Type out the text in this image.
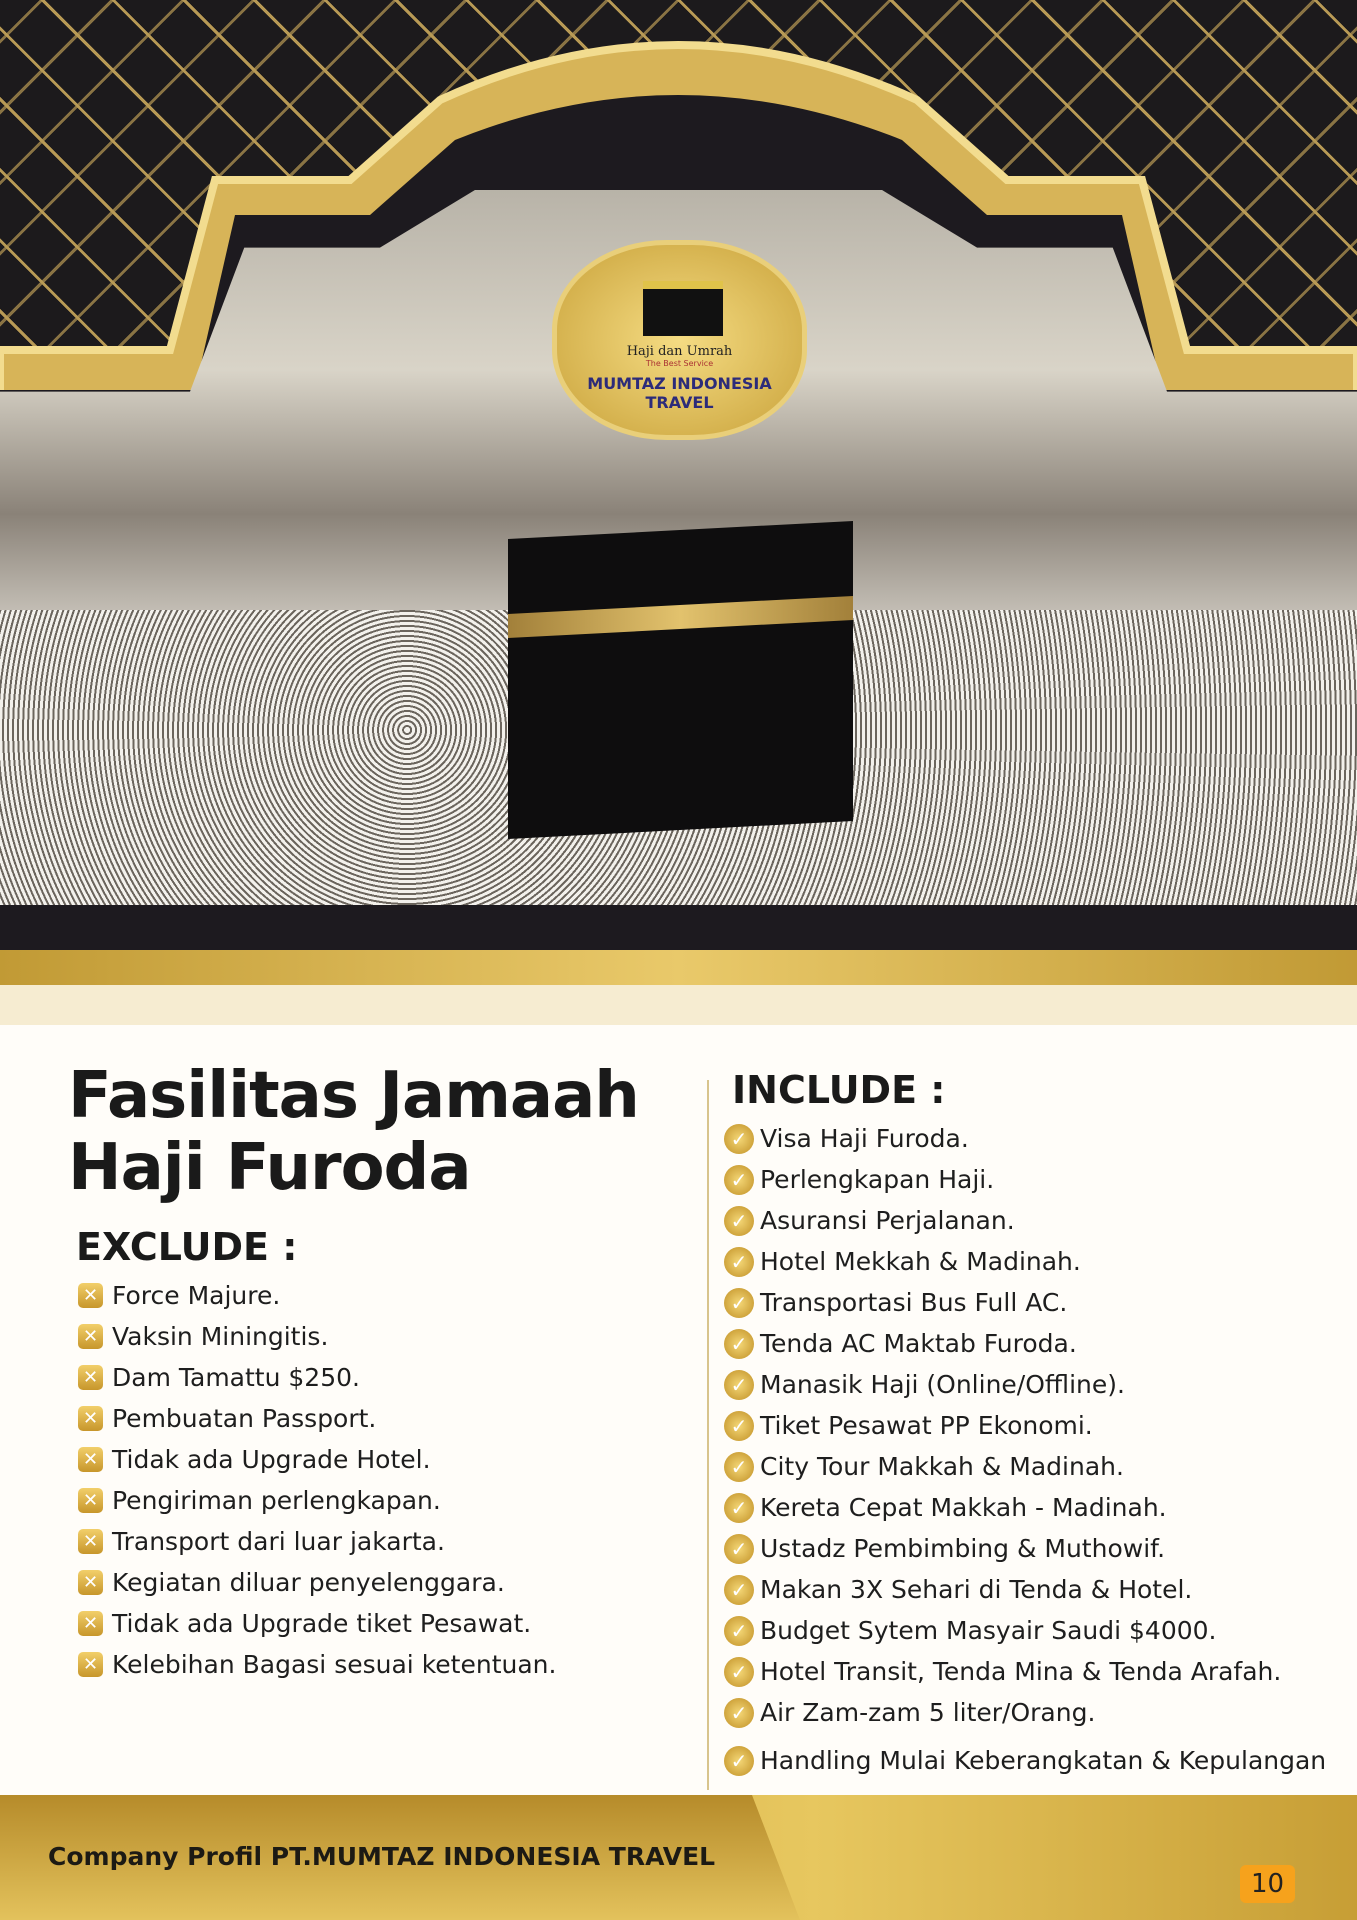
Haji dan Umrah
The Best Service
MUMTAZ INDONESIA TRAVEL
Fasilitas Jamaah
Haji Furoda
EXCLUDE :
✕ Force Majure.
✕ Vaksin Miningitis.
✕ Dam Tamattu $250.
✕ Pembuatan Passport.
✕ Tidak ada Upgrade Hotel.
✕ Pengiriman perlengkapan.
✕ Transport dari luar jakarta.
✕ Kegiatan diluar penyelenggara.
✕ Tidak ada Upgrade tiket Pesawat.
✕ Kelebihan Bagasi sesuai ketentuan.
INCLUDE :
✓ Visa Haji Furoda.
✓ Perlengkapan Haji.
✓ Asuransi Perjalanan.
✓ Hotel Mekkah & Madinah.
✓ Transportasi Bus Full AC.
✓ Tenda AC Maktab Furoda.
✓ Manasik Haji (Online/Offline).
✓ Tiket Pesawat PP Ekonomi.
✓ City Tour Makkah & Madinah.
✓ Kereta Cepat Makkah - Madinah.
✓ Ustadz Pembimbing & Muthowif.
✓ Makan 3X Sehari di Tenda & Hotel.
✓ Budget Sytem Masyair Saudi $4000.
✓ Hotel Transit, Tenda Mina & Tenda Arafah.
✓ Air Zam-zam 5 liter/Orang.
✓ Handling Mulai Keberangkatan & Kepulangan
Company Profil PT.MUMTAZ INDONESIA TRAVEL
10
